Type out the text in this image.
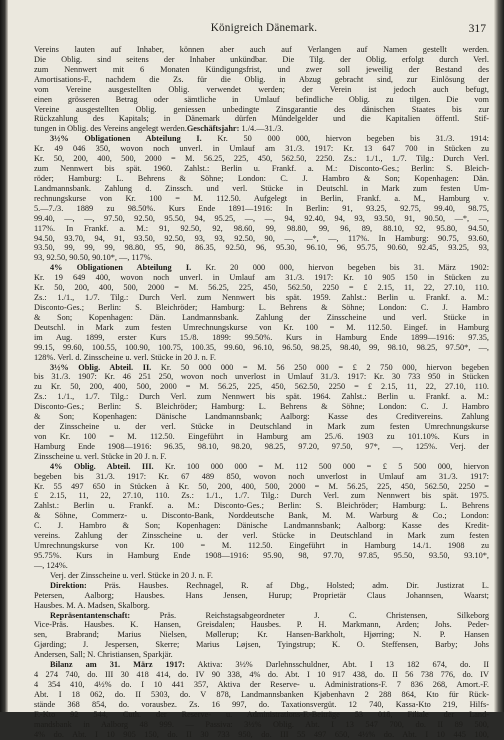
Königreich Dänemark.	317
Vereins lauten auf Inhaber, können aber auch auf Verlangen auf Namen gestellt werden.
Die Oblig. sind seitens der Inhaber unkündbar. Die Tilg. der Oblig. erfolgt durch Verl.
zum Nennwert mit 6 Monaten Kündigungsfrist, und zwer soll jeweilig der Bestand des
Amortisations-F., nachdem die Zs. für die Oblig. in Abzug gebracht sind, zur Einlösung der
vom Vereine ausgestellten Oblig. verwendet werden; der Verein ist jedoch auch befugt,
einen grösseren Betrag oder sämtliche in Umlauf befindliche Oblig. zu tilgen. Die vom
Vereine ausgestellten Oblig. geniessen unbedingte Zinsgarantie des dänischen Staates bis zur
Rückzahlung des Kapitals; in Dänemark dürfen Mündelgelder und die Kapitalien öffentl. Stif-
tungen in Oblig. des Vereins angelegt werden.Geschäftsjahr: 1./4.—31./3.
3½% Obligationen Abteilung I. Kr. 50 000 000, hiervon begeben bis 31./3. 1914:
Kr. 49 046 350, wovon noch unverl. in Umlauf am 31./3. 1917: Kr. 13 647 700 in Stücken zu
Kr. 50, 200, 400, 500, 2000 = M. 56.25, 225, 450, 562.50, 2250. Zs.: 1./1., 1./7. Tilg.: Durch Verl.
zum Nennwert bis spät. 1960. Zahlst.: Berlin u. Frankf. a. M.: Disconto-Ges.; Berlin: S. Bleich-
röder; Hamburg: L. Behrens & Söhne; London: C. J. Hambro & Son; Kopenhagen: Dän.
Landmannsbank. Zahlung d. Zinssch. und verl. Stücke in Deutschl. in Mark zum festen Um-
rechnungskurse von Kr. 100 = M. 112.50. Aufgelegt in Berlin, Frankf. a. M., Hamburg v.
5.—7./3. 1889 zu 98.50%. Kurs Ende 1891—1916: In Berlin: 91, 93.25, 92.75, 99.40, 98.75,
99.40, —, —, 97.50, 92.50, 95.50, 94, 95.25, —, —, 94, 92.40, 94, 93, 93.50, 91, 90.50, —*, —,
117%. In Frankf. a. M.: 91, 92.50, 92, 98.60, 99, 98.80, 99, 96, 89, 88.10, 92, 95.80, 94.50,
94.50, 93.70, 94, 91, 93.50, 92.50, 93, 93, 92.50, 90, —, —*, —, 117%. In Hamburg: 90.75, 93.60,
93.50, 99, 99, 99, 98.80, 95, 90, 86.35, 92.50, 96, 95.30, 96.10, 96, 95.75, 90.60, 92.45, 93.25, 93,
93, 92.50, 90.50, 90.10*, —, 117%.
4% Obligationen Abteilung I. Kr. 20 000 000, hiervon begeben bis 31. März 1902:
Kr. 19 649 400, wovon noch unverl. in Umlauf am 31./3. 1917: Kr. 10 905 150 in Stücken zu
Kr. 50, 200, 400, 500, 2000 = M. 56.25, 225, 450, 562.50, 2250 = £ 2.15, 11, 22, 27.10, 110.
Zs.: 1./1., 1./7. Tilg.: Durch Verl. zum Nennwert bis spät. 1959. Zahlst.: Berlin u. Frankf. a. M.:
Disconto-Ges.; Berlin: S. Bleichröder; Hamburg: L. Behrens & Söhne; London: C. J. Hambro
& Son; Kopenhagen: Dän. Landmannsbank. Zahlung der Zinsscheine und verl. Stücke in
Deutschl. in Mark zum festen Umrechnungskurse von Kr. 100 = M. 112.50. Eingef. in Hamburg
im Aug. 1899, erster Kurs 15./8. 1899: 99.50%. Kurs in Hamburg Ende 1899—1916: 97.35,
99.15, 99.60, 100.55, 100.90, 100.75, 100.35, 99.60, 96.10, 96.50, 98.25, 98.40, 99, 98.10, 98.25, 97.50*, —,
128%. Verl. d. Zinsscheine u. verl. Stücke in 20 J. n. F.
3½% Oblig. Abteil. II. Kr. 50 000 000 = M. 56 250 000 = £ 2 750 000, hiervon begeben
bis 31./3. 1907: Kr. 46 251 250, wovon noch unverlost in Umlauf 31./3. 1917: Kr. 30 733 950 in Stücken
zu Kr. 50, 200, 400, 500, 2000 = M. 56.25, 225, 450, 562.50, 2250 = £ 2.15, 11, 22, 27.10, 110.
Zs.: 1./1., 1./7. Tilg.: Durch Verl. zum Nennwert bis spät. 1964. Zahlst.: Berlin u. Frankf. a. M.:
Disconto-Ges.; Berlin: S. Bleichröder; Hamburg: L. Behrens & Söhne; London: C. J. Hambro
& Son; Kopenhagen: Dänische Landmannsbank; Aalborg: Kasse des Creditvereins. Zahlung
der Zinsscheine u. der verl. Stücke in Deutschland in Mark zum festen Umrechnungskurse
von Kr. 100 = M. 112.50. Eingeführt in Hamburg am 25./6. 1903 zu 101.10%. Kurs in
Hamburg Ende 1908—1916: 96.35, 98.10, 98.20, 98.25, 97.20, 97.50, 97*, —, 125%. Verj. der
Zinsscheine u. verl. Stücke in 20 J. n. F.
4% Oblig. Abteil. III. Kr. 100 000 000 = M. 112 500 000 = £ 5 500 000, hiervon
begeben bis 31./3. 1917: Kr. 67 489 850, wovon noch unverlost in Umlauf am 31./3. 1917:
Kr. 55 497 650 in Stücken à Kr. 50, 200, 400, 500, 2000 = M. 56.25, 225, 450, 562.50, 2250 =
£ 2.15, 11, 22, 27.10, 110. Zs.: 1./1., 1./7. Tilg.: Durch Verl. zum Nennwert bis spät. 1975.
Zahlst.: Berlin u. Frankf. a. M.: Disconto-Ges.; Berlin: S. Bleichröder; Hamburg: L. Behrens
& Söhne, Commerz- u. Disconto-Bank, Norddeutsche Bank, M. M. Warburg & Co.; London:
C. J. Hambro & Son; Kopenhagen: Dänische Landmannsbank; Aalborg: Kasse des Kredit-
vereins. Zahlung der Zinsscheine u. der verl. Stücke in Deutschland in Mark zum festen
Umrechnungskurse von Kr. 100 = M. 112.50. Eingeführt in Hamburg 14./1. 1908 zu
95.75%. Kurs in Hamburg Ende 1908—1916: 95.90, 98, 97.70, 97.85, 95.50, 93.50, 93.10*,
—, 124%.
Verj. der Zinsscheine u. verl. Stücke in 20 J. n. F.
Direktion: Präs. Hausbes. Rechnagel, R. af Dbg., Holsted; adm. Dir. Justizrat L.
Petersen, Aalborg; Hausbes. Hans Jensen, Hurup; Proprietär Claus Johannsen, Waarst;
Hausbes. M. A. Madsen, Skalborg.
Repräsentantenschaft: Präs. Reichstagsabgeordneter J. C. Christensen, Silkeborg
Vice-Präs. Hausbes. K. Hansen, Greisdalen; Hausbes. P. H. Markmann, Arden; Johs. Peder-
sen, Brabrand; Marius Nielsen, Møllerup; Kr. Hansen-Barkholt, Hjørring; N. P. Hansen
Gjørding; J. Jespersen, Skerre; Marius Løjsen, Tyingstrup; K. O. Steffensen, Barby; Johs
Andersen, Sall; N. Christiansen, Sparkjär.
Bilanz am 31. März 1917: Aktiva: 3½% Darlehnsschuldner, Abt. I 13 182 674, do. II
4 274 740, do. III 30 418 414, do. IV 90 338, 4% do. Abt. I 10 917 438, do. II 56 738 776, do. IV
4 354 410, 4½% do. I 10 441 357, Aktiva der Reserve- u. Administrations-F. 7 836 268, Amort.-F.
Abt. I 18 062, do. II 5303, do. V 878, Landmannsbanken Kjøbenhavn 2 288 864, Kto für Rück-
stände 368 854, do. vorausbez. Zs. 16 997, do. Taxationsvergüt. 12 740, Kassa-Kto 219, Hilfs-
F.-Kto 92 544, Cuth. der Reserve- u. Administrations-F.-Beiträge 53 018, Filiale der Land-
mandsbank in Aalborg 48 999. — Passiva: 3½% Oblig. Abt. I 13 547 700, do. II 89 500,
4% do. Abt. I 10 905 150, do. II 30 733 950, do. III 55 497 650, 4½% do. Abt. I 10 445 100,
